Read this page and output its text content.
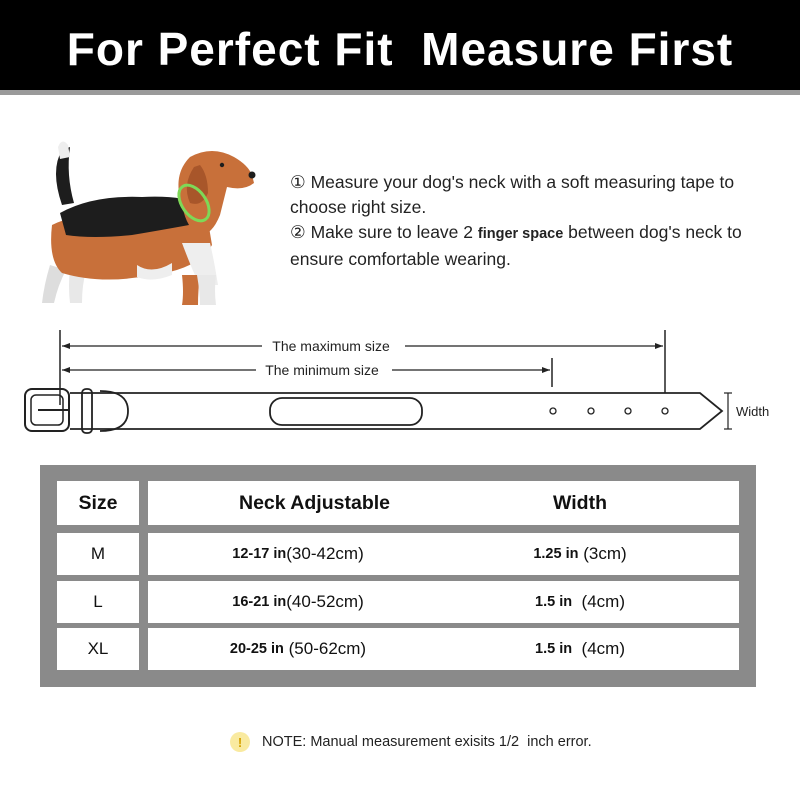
For Perfect Fit  Measure First

① Measure your dog's neck with a soft measuring tape to choose right size.

② Make sure to leave 2 finger space between dog's neck to ensure comfortable wearing.

The maximum size
The minimum size
Width
Size	Neck Adjustable	Width
M	12-17 in (30-42cm)	1.25 in (3cm)
L	16-21 in (40-52cm)	1.5 in (4cm)
XL	20-25 in (50-62cm)	1.5 in (4cm)
!	NOTE: Manual measurement exisits 1/2  inch error.
